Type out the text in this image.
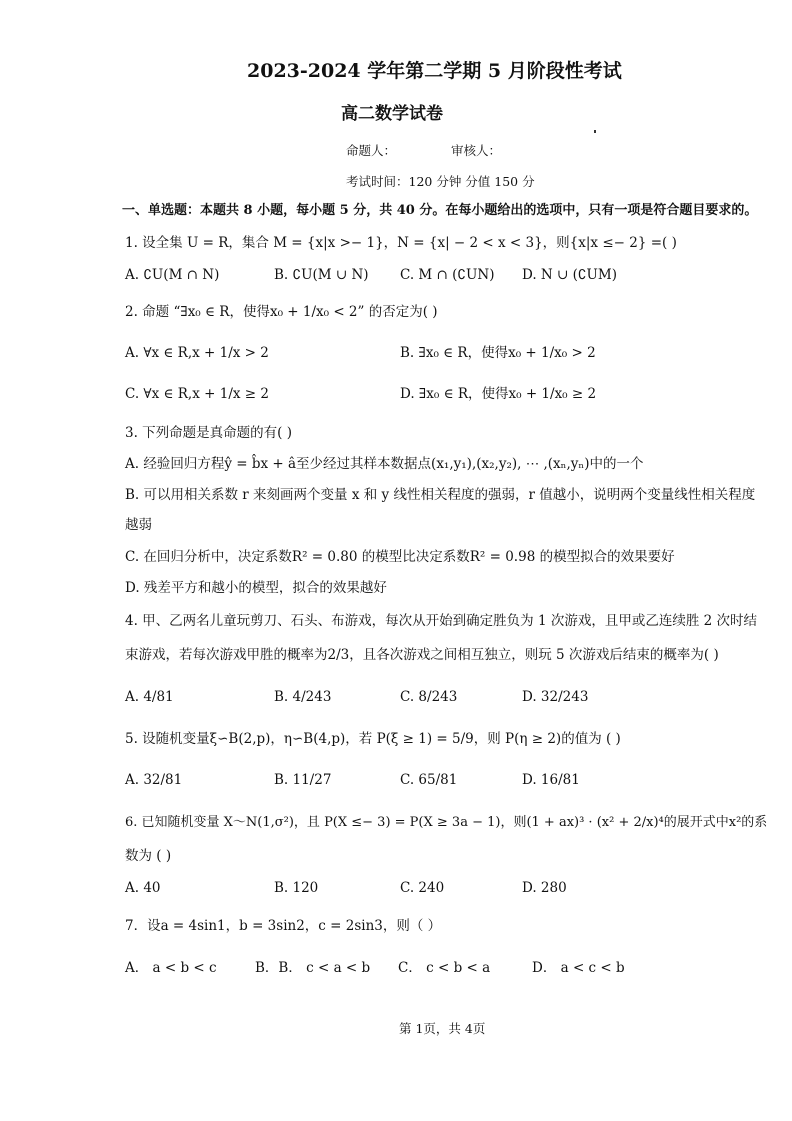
2023-2024 学年第二学期 5 月阶段性考试
高二数学试卷
命题人：	审核人：
考试时间：120 分钟 分值 150 分
一、单选题：本题共 8 小题，每小题 5 分，共 40 分。在每小题给出的选项中，只有一项是符合题目要求的。
1. 设全集 U = R，集合 M = {x|x >− 1}，N = {x| − 2 < x < 3}，则{x|x ≤− 2} =( )
A. ∁U(M ∩ N)	B. ∁U(M ∪ N) C. M ∩ (∁UN) D. N ∪ (∁UM)
2. 命题 “∃x₀ ∈ R，使得x₀ + 1/x₀ < 2” 的否定为( )
A. ∀x ∈ R,x + 1/x > 2	B. ∃x₀ ∈ R，使得x₀ + 1/x₀ > 2
C. ∀x ∈ R,x + 1/x ≥ 2	D. ∃x₀ ∈ R，使得x₀ + 1/x₀ ≥ 2
3. 下列命题是真命题的有( )
A. 经验回归方程ŷ = b̂x + â至少经过其样本数据点(x₁,y₁),(x₂,y₂), ⋯ ,(xₙ,yₙ)中的一个
B. 可以用相关系数 r 来刻画两个变量 x 和 y 线性相关程度的强弱，r 值越小，说明两个变量线性相关程度
越弱
C. 在回归分析中，决定系数R² = 0.80 的模型比决定系数R² = 0.98 的模型拟合的效果要好
D. 残差平方和越小的模型，拟合的效果越好
4. 甲、乙两名儿童玩剪刀、石头、布游戏，每次从开始到确定胜负为 1 次游戏，且甲或乙连续胜 2 次时结
束游戏，若每次游戏甲胜的概率为2/3，且各次游戏之间相互独立，则玩 5 次游戏后结束的概率为( )
A. 4/81	B. 4/243	C. 8/243	D. 32/243
5. 设随机变量ξ∽B(2,p)，η∽B(4,p)，若 P(ξ ≥ 1) = 5/9，则 P(η ≥ 2)的值为 ( )
A. 32/81	B. 11/27	C. 65/81	D. 16/81
6. 已知随机变量 X～N(1,σ²)，且 P(X ≤− 3) = P(X ≥ 3a − 1)，则(1 + ax)³ · (x² + 2/x)⁴的展开式中x²的系
数为 ( )
A. 40	B. 120	C. 240	D. 280
7．设a = 4sin1，b = 3sin2，c = 2sin3，则（ ）
A． a < b < c	B．B． c < a < b C． c < b < a	D． a < c < b
第 1页，共 4页
